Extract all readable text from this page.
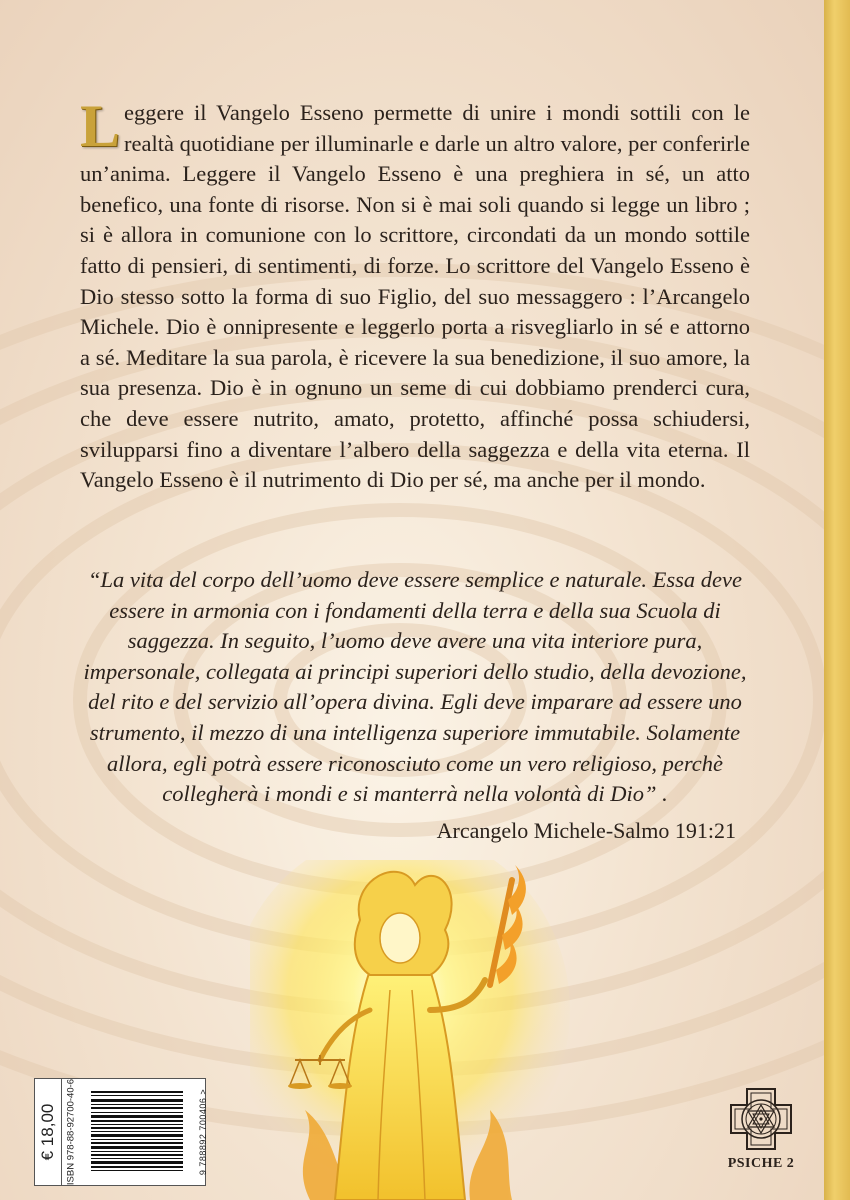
Leggere il Vangelo Esseno permette di unire i mondi sottili con le realtà quotidiane per illuminarle e darle un altro valore, per conferirle un’anima. Leggere il Vangelo Esseno è una preghiera in sé, un atto benefico, una fonte di risorse. Non si è mai soli quando si legge un libro ; si è allora in comunione con lo scrittore, circondati da un mondo sottile fatto di pensieri, di sentimenti, di forze. Lo scrittore del Vangelo Esseno è Dio stesso sotto la forma di suo Figlio, del suo messaggero : l’Arcangelo Michele. Dio è onnipresente e leggerlo porta a risvegliarlo in sé e attorno a sé. Meditare la sua parola, è ricevere la sua benedizione, il suo amore, la sua presenza. Dio è in ognuno un seme di cui dobbiamo prenderci cura, che deve essere nutrito, amato, protetto, affinché possa schiudersi, svilupparsi fino a diventare l’albero della saggezza e della vita eterna. Il Vangelo Esseno è il nutrimento di Dio per sé, ma anche per il mondo.

“La vita del corpo dell’uomo deve essere semplice e naturale. Essa deve essere in armonia con i fondamenti della terra e della sua Scuola di saggezza. In seguito, l’uomo deve avere una vita interiore pura, impersonale, collegata ai principi superiori dello studio, della devozione, del rito e del servizio all’opera divina. Egli deve imparare ad essere uno strumento, il mezzo di una intelligenza superiore immutabile. Solamente allora, egli potrà essere riconosciuto come un vero religioso, perchè collegherà i mondi e si manterrà nella volontà di Dio” .

Arcangelo Michele-Salmo 191:21
€ 18,00 ISBN 978-88-92700-40-6	9 788892 700406 >	PSICHE 2
